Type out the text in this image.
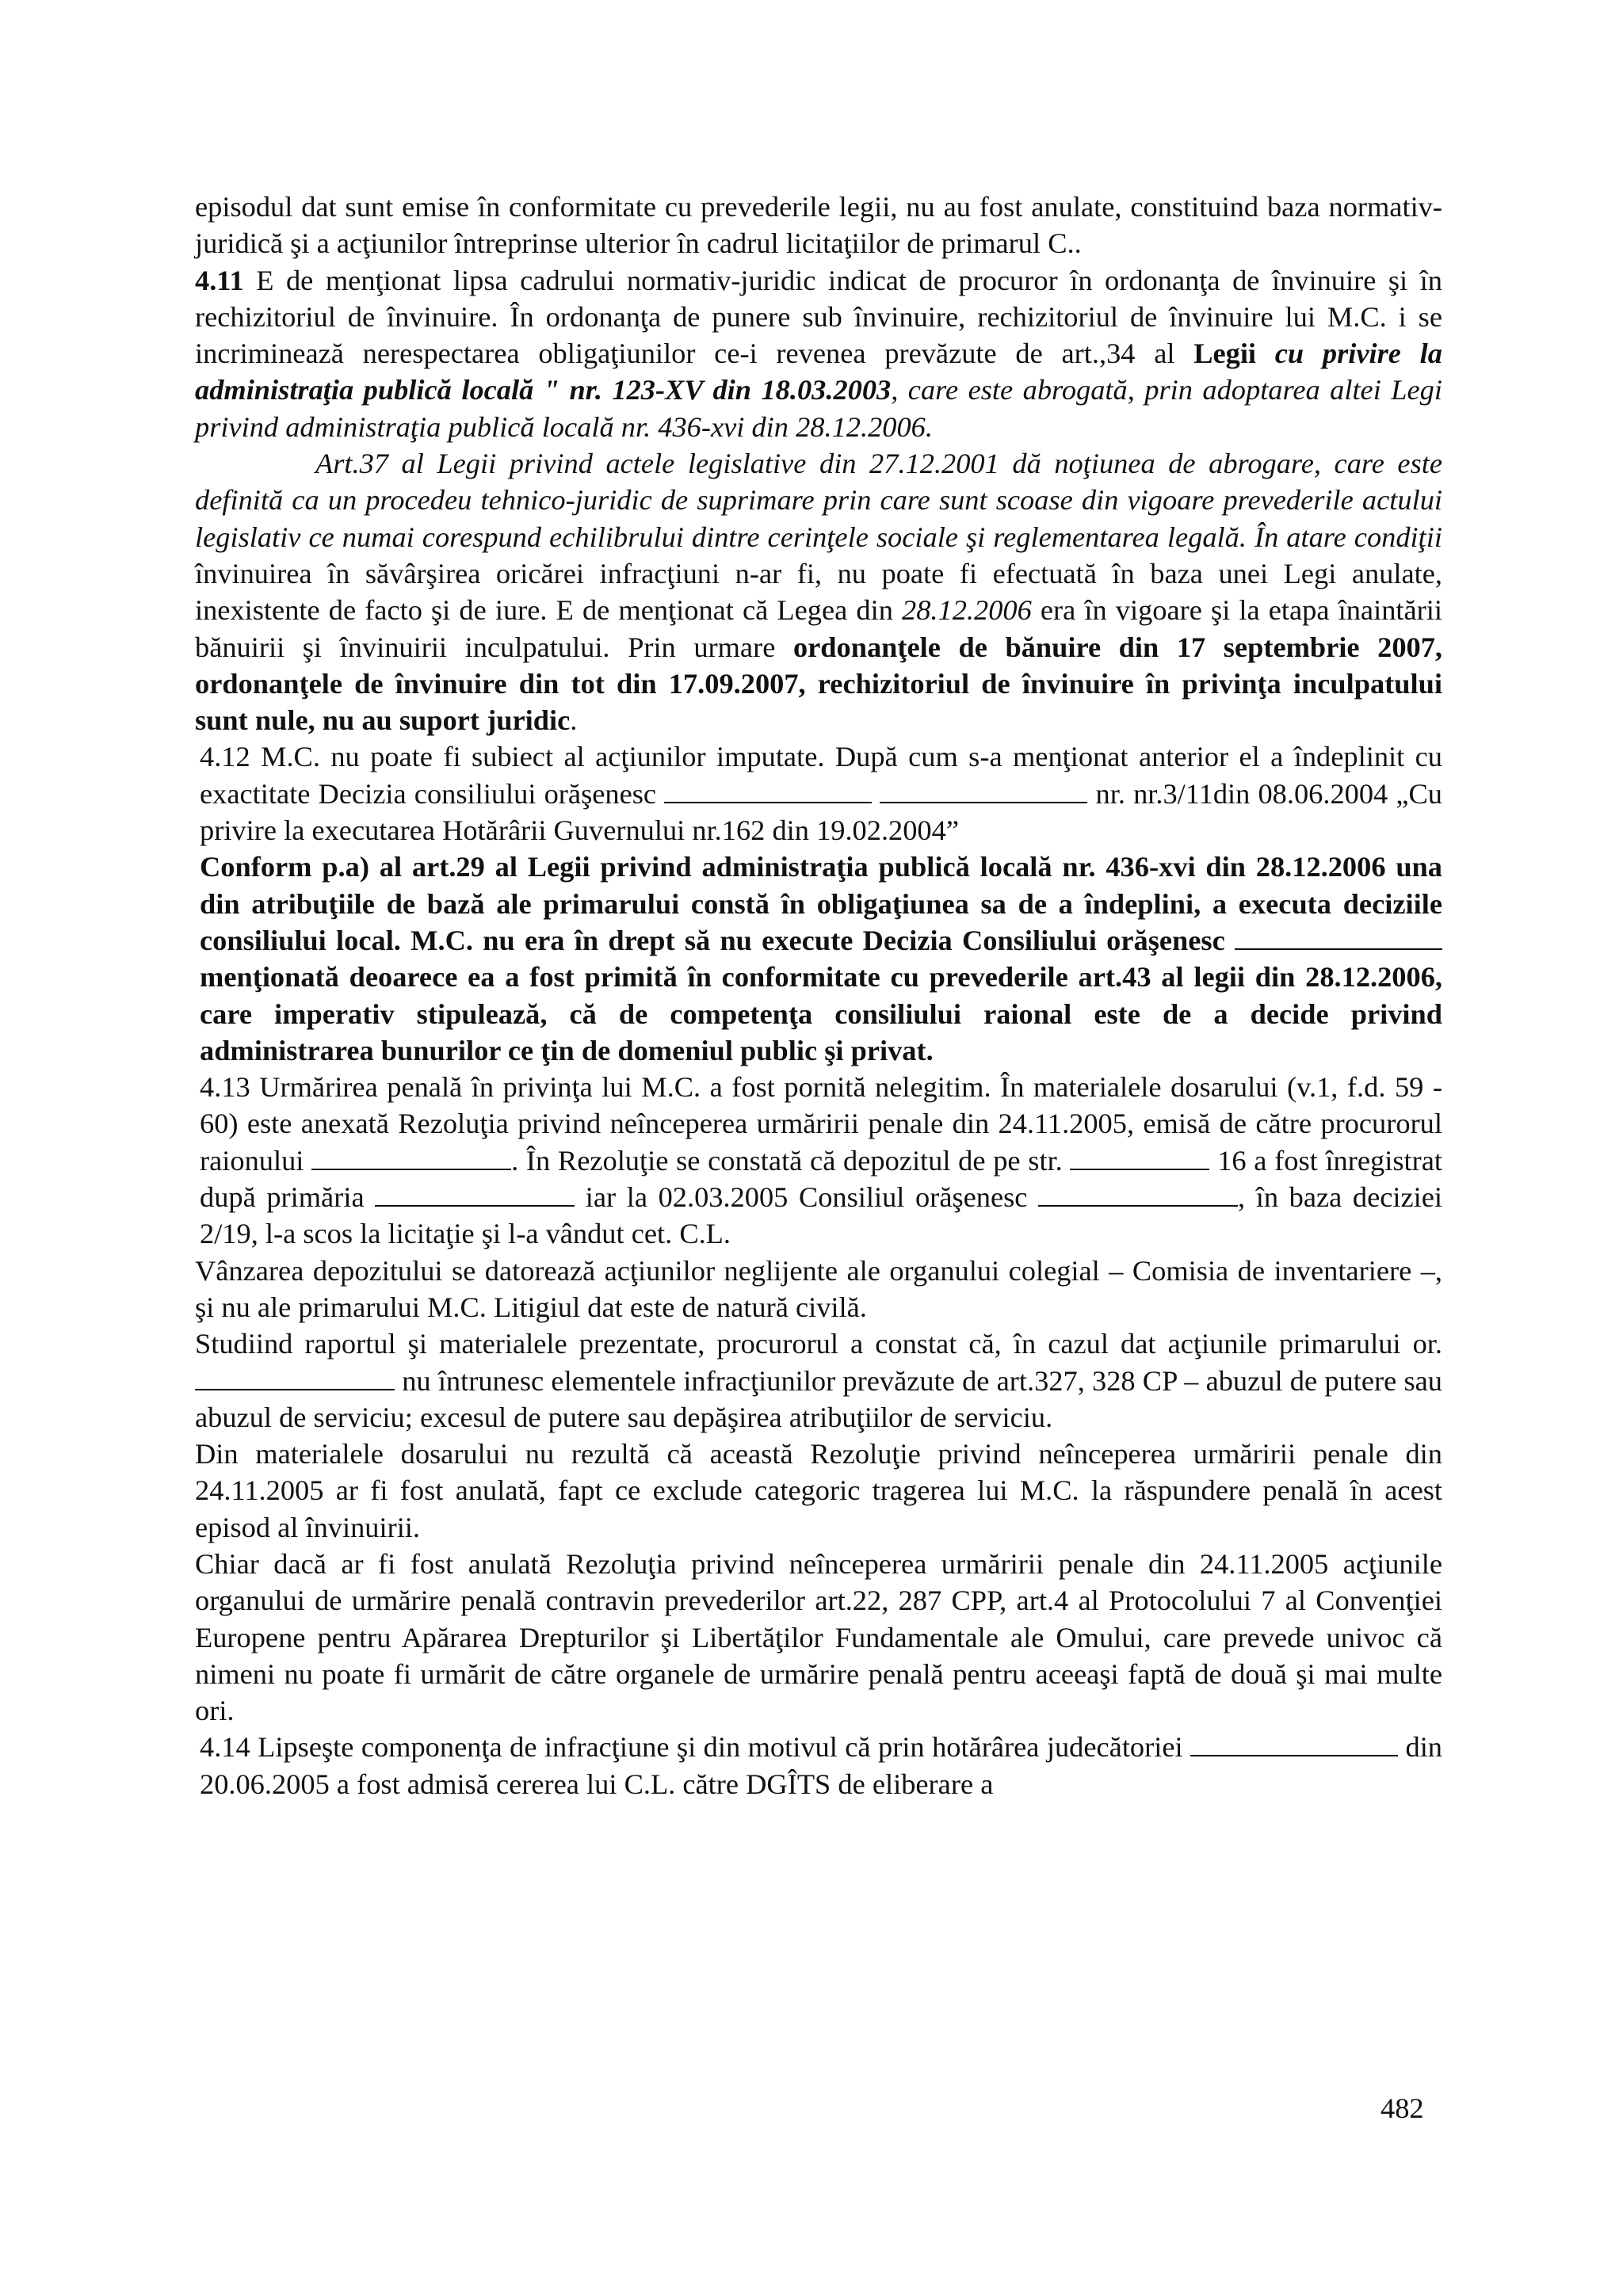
episodul dat sunt emise în conformitate cu prevederile legii, nu au fost anulate, constituind baza normativ-juridică şi a acţiunilor întreprinse ulterior în cadrul licitaţiilor de primarul C..

4.11 E de menţionat lipsa cadrului normativ-juridic indicat de procuror în ordonanţa de învinuire şi în rechizitoriul de învinuire. În ordonanţa de punere sub învinuire, rechizitoriul de învinuire lui M.C. i se incriminează nerespectarea obligaţiunilor ce-i revenea prevăzute de art.,34 al Legii cu privire la administraţia publică locală " nr. 123-XV din 18.03.2003, care este abrogată, prin adoptarea altei Legi privind administraţia publică locală nr. 436-xvi din 28.12.2006.

Art.37 al Legii privind actele legislative din 27.12.2001 dă noţiunea de abrogare, care este definită ca un procedeu tehnico-juridic de suprimare prin care sunt scoase din vigoare prevederile actului legislativ ce numai corespund echilibrului dintre cerinţele sociale şi reglementarea legală. În atare condiţii învinuirea în săvârşirea oricărei infracţiuni n-ar fi, nu poate fi efectuată în baza unei Legi anulate, inexistente de facto şi de iure. E de menţionat că Legea din 28.12.2006 era în vigoare şi la etapa înaintării bănuirii şi învinuirii inculpatului. Prin urmare ordonanţele de bănuire din 17 septembrie 2007, ordonanţele de învinuire din tot din 17.09.2007, rechizitoriul de învinuire în privinţa inculpatului sunt nule, nu au suport juridic.

4.12 M.C. nu poate fi subiect al acţiunilor imputate. După cum s-a menţionat anterior el a îndeplinit cu exactitate Decizia consiliului orăşenesc	nr. nr.3/11din 08.06.2004 „Cu privire la executarea Hotărârii Guvernului nr.162 din 19.02.2004”
Conform p.a) al art.29 al Legii privind administraţia publică locală nr. 436-xvi din 28.12.2006 una din atribuţiile de bază ale primarului constă în obligaţiunea sa de a îndeplini, a executa deciziile consiliului local. M.C. nu era în drept să nu execute Decizia Consiliului orăşenesc  menţionată deoarece ea a fost primită în conformitate cu prevederile art.43 al legii din 28.12.2006, care imperativ stipulează, că de competenţa consiliului raional este de a decide privind administrarea bunurilor ce ţin de domeniul public şi privat.

4.13 Urmărirea penală în privinţa lui M.C. a fost pornită nelegitim. În materialele dosarului (v.1, f.d. 59 - 60) este anexată Rezoluţia privind neînceperea urmăririi penale din 24.11.2005, emisă de către procurorul raionului	. În Rezoluţie se constată că depozitul de pe str.	16 a fost înregistrat după primăria	iar la 02.03.2005 Consiliul orăşenesc	, în baza deciziei 2/19, l-a scos la licitaţie şi l-a vândut cet. C.L.

Vânzarea depozitului se datorează acţiunilor neglijente ale organului colegial – Comisia de inventariere –, şi nu ale primarului M.C. Litigiul dat este de natură civilă.

Studiind raportul şi materialele prezentate, procurorul a constat că, în cazul dat acţiunile primarului or.  nu întrunesc elementele infracţiunilor prevăzute de art.327, 328 CP – abuzul de putere sau abuzul de serviciu; excesul de putere sau depăşirea atribuţiilor de serviciu.

Din materialele dosarului nu rezultă că această Rezoluţie privind neînceperea urmăririi penale din 24.11.2005 ar fi fost anulată, fapt ce exclude categoric tragerea lui M.C. la răspundere penală în acest episod al învinuirii.

Chiar dacă ar fi fost anulată Rezoluţia privind neînceperea urmăririi penale din 24.11.2005 acţiunile organului de urmărire penală contravin prevederilor art.22, 287 CPP, art.4 al Protocolului 7 al Convenţiei Europene pentru Apărarea Drepturilor şi Libertăţilor Fundamentale ale Omului, care prevede univoc că nimeni nu poate fi urmărit de către organele de urmărire penală pentru aceeaşi faptă de două şi mai multe ori.

4.14 Lipseşte componenţa de infracţiune şi din motivul că prin hotărârea judecătoriei	din 20.06.2005 a fost admisă cererea lui C.L. către DGÎTS de eliberare a

482
